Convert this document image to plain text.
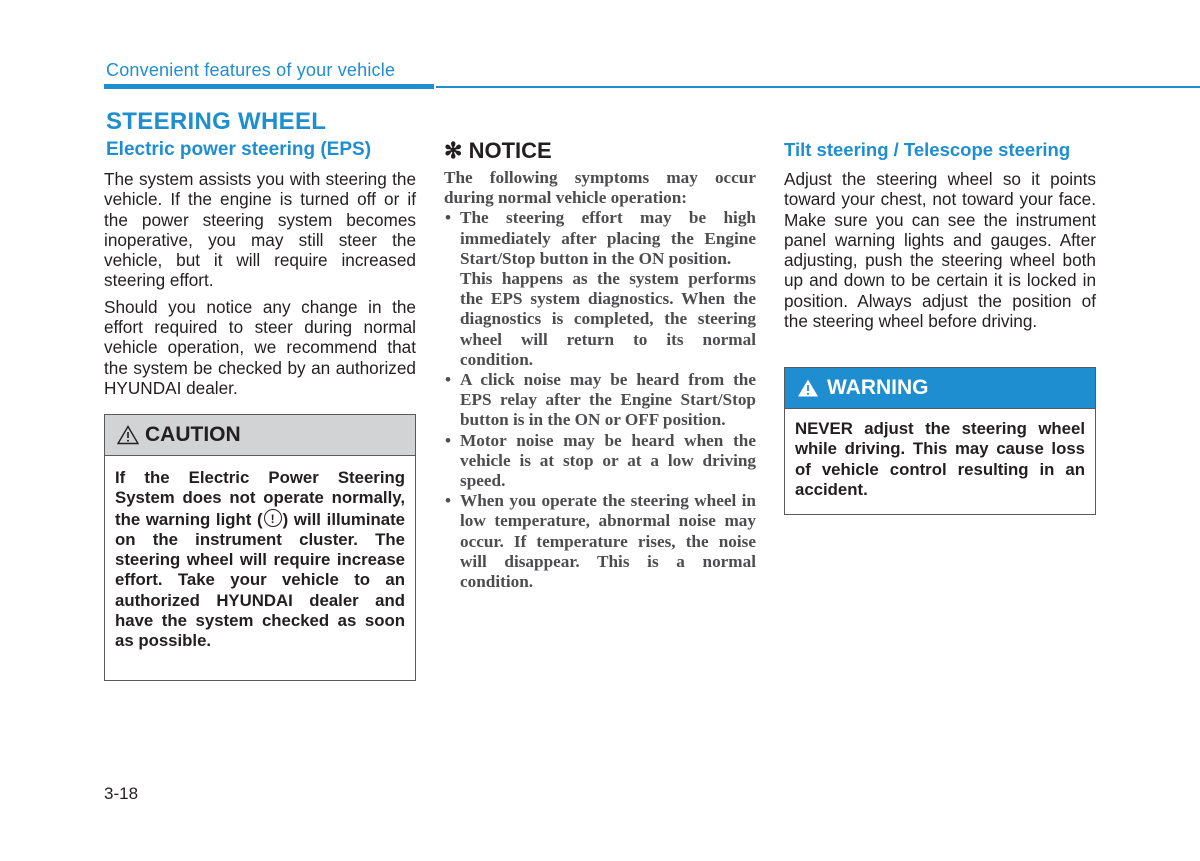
Convenient features of your vehicle
STEERING WHEEL
Electric power steering (EPS)

The system assists you with steering the vehicle. If the engine is turned off or if the power steering system becomes inoperative, you may still steer the vehicle, but it will require increased steering effort.

Should you notice any change in the effort required to steer during normal vehicle operation, we recommend that the system be checked by an authorized HYUNDAI dealer.

CAUTION
If the Electric Power Steering System does not operate normally, the warning light (! ) will illuminate on the instrument cluster. The steering wheel will require increase effort. Take your vehicle to an authorized HYUNDAI dealer and have the system checked as soon as possible.
✻ NOTICE

The following symptoms may occur during normal vehicle operation:

• The steering effort may be high immediately after placing the Engine Start/Stop button in the ON position.
This happens as the system performs the EPS system diagnostics. When the diagnostics is completed, the steering wheel will return to its normal condition.
• A click noise may be heard from the EPS relay after the Engine Start/Stop button is in the ON or OFF position.
• Motor noise may be heard when the vehicle is at stop or at a low driving speed.
• When you operate the steering wheel in low temperature, abnormal noise may occur. If temperature rises, the noise will disappear. This is a normal condition.
Tilt steering / Telescope steering

Adjust the steering wheel so it points toward your chest, not toward your face. Make sure you can see the instrument panel warning lights and gauges. After adjusting, push the steering wheel both up and down to be certain it is locked in position. Always adjust the position of the steering wheel before driving.

WARNING
NEVER adjust the steering wheel while driving. This may cause loss of vehicle control resulting in an accident.
3-18
